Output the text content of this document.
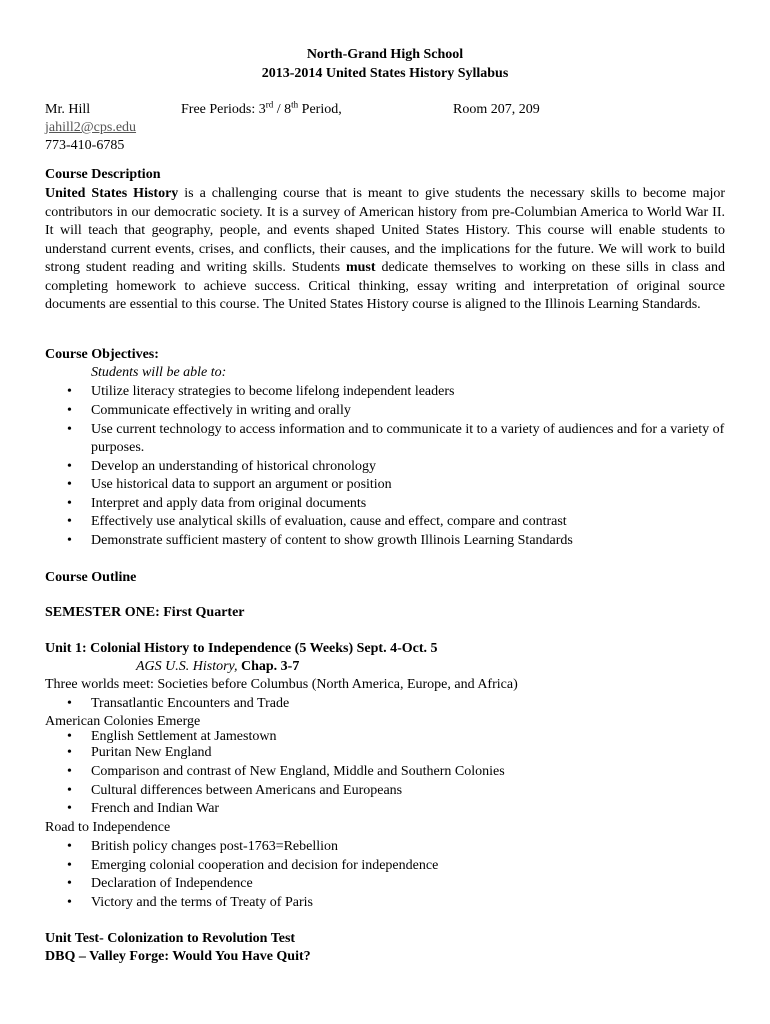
North-Grand High School
2013-2014 United States History Syllabus
Mr. Hill	Free Periods: 3rd / 8th Period,	Room 207, 209
jahill2@cps.edu
773-410-6785
Course Description
United States History is a challenging course that is meant to give students the necessary skills to become major contributors in our democratic society. It is a survey of American history from pre-Columbian America to World War II. It will teach that geography, people, and events shaped United States History. This course will enable students to understand current events, crises, and conflicts, their causes, and the implications for the future. We will work to build strong student reading and writing skills. Students must dedicate themselves to working on these sills in class and completing homework to achieve success. Critical thinking, essay writing and interpretation of original source documents are essential to this course. The United States History course is aligned to the Illinois Learning Standards.
Course Objectives:
Students will be able to:
• Utilize literacy strategies to become lifelong independent leaders
• Communicate effectively in writing and orally
• Use current technology to access information and to communicate it to a variety of audiences and for a variety of purposes.
• Develop an understanding of historical chronology
• Use historical data to support an argument or position
• Interpret and apply data from original documents
• Effectively use analytical skills of evaluation, cause and effect, compare and contrast
• Demonstrate sufficient mastery of content to show growth Illinois Learning Standards
Course Outline
SEMESTER ONE: First Quarter
Unit 1: Colonial History to Independence (5 Weeks) Sept. 4-Oct. 5
AGS U.S. History, Chap. 3-7
Three worlds meet: Societies before Columbus (North America, Europe, and Africa)
• Transatlantic Encounters and Trade
American Colonies Emerge
• English Settlement at Jamestown
• Puritan New England
• Comparison and contrast of New England, Middle and Southern Colonies
• Cultural differences between Americans and Europeans
• French and Indian War
Road to Independence
• British policy changes post-1763=Rebellion
• Emerging colonial cooperation and decision for independence
• Declaration of Independence
• Victory and the terms of Treaty of Paris
Unit Test- Colonization to Revolution Test
DBQ – Valley Forge: Would You Have Quit?
